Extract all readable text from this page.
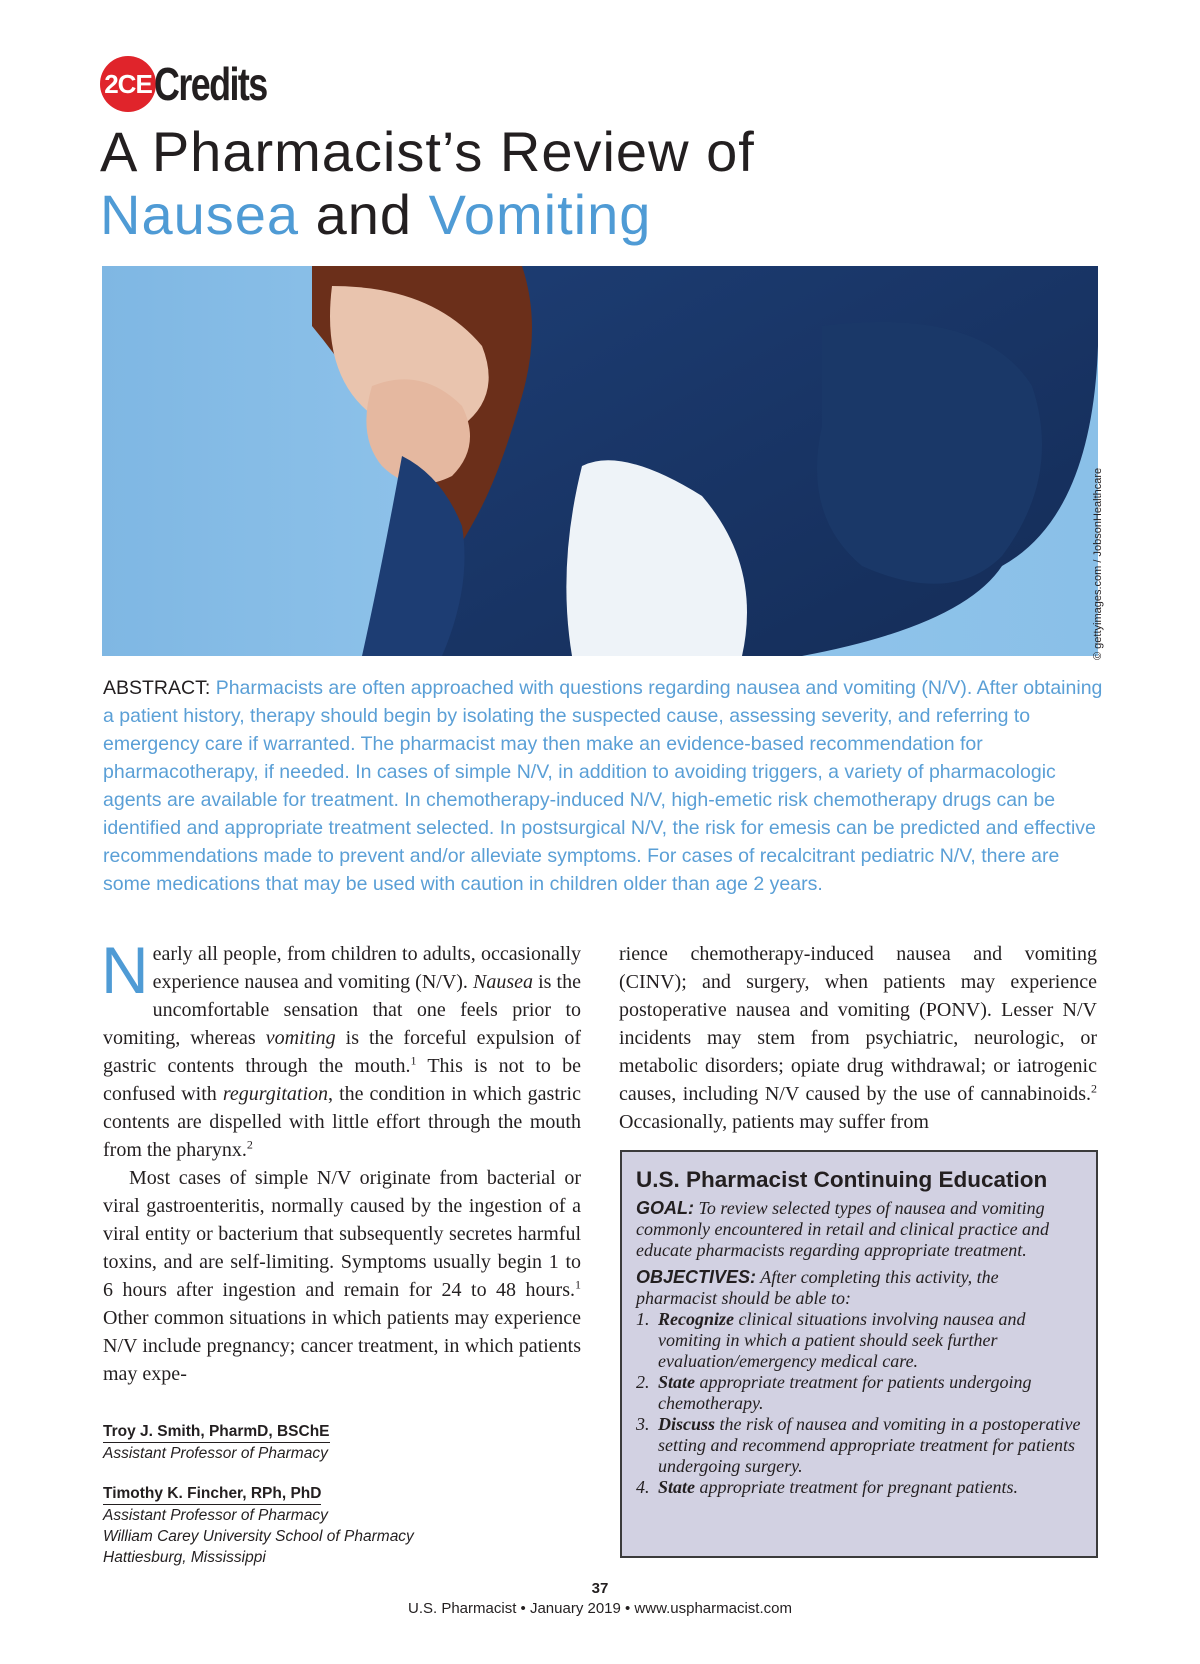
2CE Credits
A Pharmacist’s Review of
Nausea and Vomiting
© gettyimages.com / JobsonHealthcare
ABSTRACT: Pharmacists are often approached with questions regarding nausea and vomiting (N/V). After obtaining a patient history, therapy should begin by isolating the suspected cause, assessing severity, and referring to emergency care if warranted. The pharmacist may then make an evidence-based recommendation for pharmacotherapy, if needed. In cases of simple N/V, in addition to avoiding triggers, a variety of pharmacologic agents are available for treatment. In chemotherapy-induced N/V, high-emetic risk chemotherapy drugs can be identified and appropriate treatment selected. In postsurgical N/V, the risk for emesis can be predicted and effective recommendations made to prevent and/or alleviate symptoms. For cases of recalcitrant pediatric N/V, there are some medications that may be used with caution in children older than age 2 years.

Nearly all people, from children to adults, occasionally experience nausea and vomiting (N/V). Nausea is the uncomfortable sensation that one feels prior to vomiting, whereas vomiting is the forceful expulsion of gastric contents through the mouth.$^1$ This is not to be confused with regurgitation, the condition in which gastric contents are dispelled with little effort through the mouth from the pharynx.$^2$

Most cases of simple N/V originate from bacterial or viral gastroenteritis, normally caused by the ingestion of a viral entity or bacterium that subsequently secretes harmful toxins, and are self-limiting. Symptoms usually begin 1 to 6 hours after ingestion and remain for 24 to 48 hours.$^1$ Other common situations in which patients may experience N/V include pregnancy; cancer treatment, in which patients may expe-

Troy J. Smith, PharmD, BSChE
Assistant Professor of Pharmacy
Timothy K. Fincher, RPh, PhD
Assistant Professor of Pharmacy
William Carey University School of Pharmacy
Hattiesburg, Mississippi

rience chemotherapy-induced nausea and vomiting (CINV); and surgery, when patients may experience postoperative nausea and vomiting (PONV). Lesser N/V incidents may stem from psychiatric, neurologic, or metabolic disorders; opiate drug withdrawal; or iatrogenic causes, including N/V caused by the use of cannabinoids.$^2$ Occasionally, patients may suffer from

U.S. Pharmacist Continuing Education
GOAL: To review selected types of nausea and vomiting commonly encountered in retail and clinical practice and educate pharmacists regarding appropriate treatment.
OBJECTIVES: After completing this activity, the pharmacist should be able to:
1. Recognize clinical situations involving nausea and vomiting in which a patient should seek further evaluation/emergency medical care.
2. State appropriate treatment for patients undergoing chemotherapy.
3. Discuss the risk of nausea and vomiting in a postoperative setting and recommend appropriate treatment for patients undergoing surgery.
4. State appropriate treatment for pregnant patients.
37
U.S. Pharmacist • January 2019 • www.uspharmacist.com
